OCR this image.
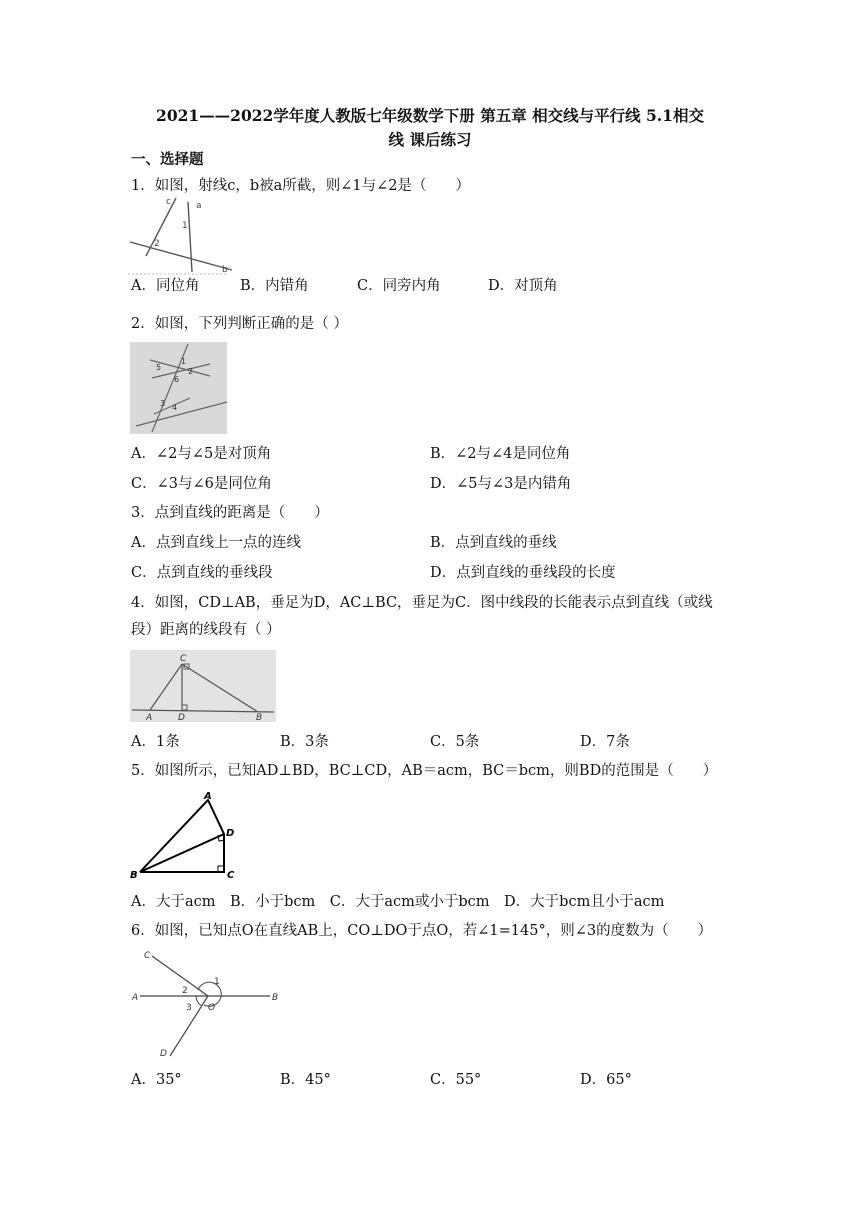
2021——2022学年度人教版七年级数学下册 第五章 相交线与平行线 5.1相交
线 课后练习
一、选择题
1．如图，射线c，b被a所截，则∠1与∠2是（　　）
c	a
1
2
b
A．同位角	B．内错角	C．同旁内角	D．对顶角
2．如图，下列判断正确的是（ ）
1
5	2
6
3 4
A．∠2与∠5是对顶角	B．∠2与∠4是同位角
C．∠3与∠6是同位角	D．∠5与∠3是内错角
3．点到直线的距离是（　　）
A．点到直线上一点的连线	B．点到直线的垂线
C．点到直线的垂线段	D．点到直线的垂线段的长度
4．如图，CD⊥AB，垂足为D，AC⊥BC，垂足为C．图中线段的长能表示点到直线（或线
段）距离的线段有（ ）
C
A	D	B
A．1条	B．3条	C．5条	D．7条
5．如图所示，已知AD⊥BD，BC⊥CD，AB＝acm，BC＝bcm，则BD的范围是（　　）
A
D
B	C
A．大于acm　B．小于bcm　C．大于acm或小于bcm　D．大于bcm且小于acm
6．如图，已知点O在直线AB上，CO⊥DO于点O，若∠1=145°，则∠3的度数为（　　）
C
1
A
2
B
3 O
D
A．35°	B．45°	C．55°	D．65°
